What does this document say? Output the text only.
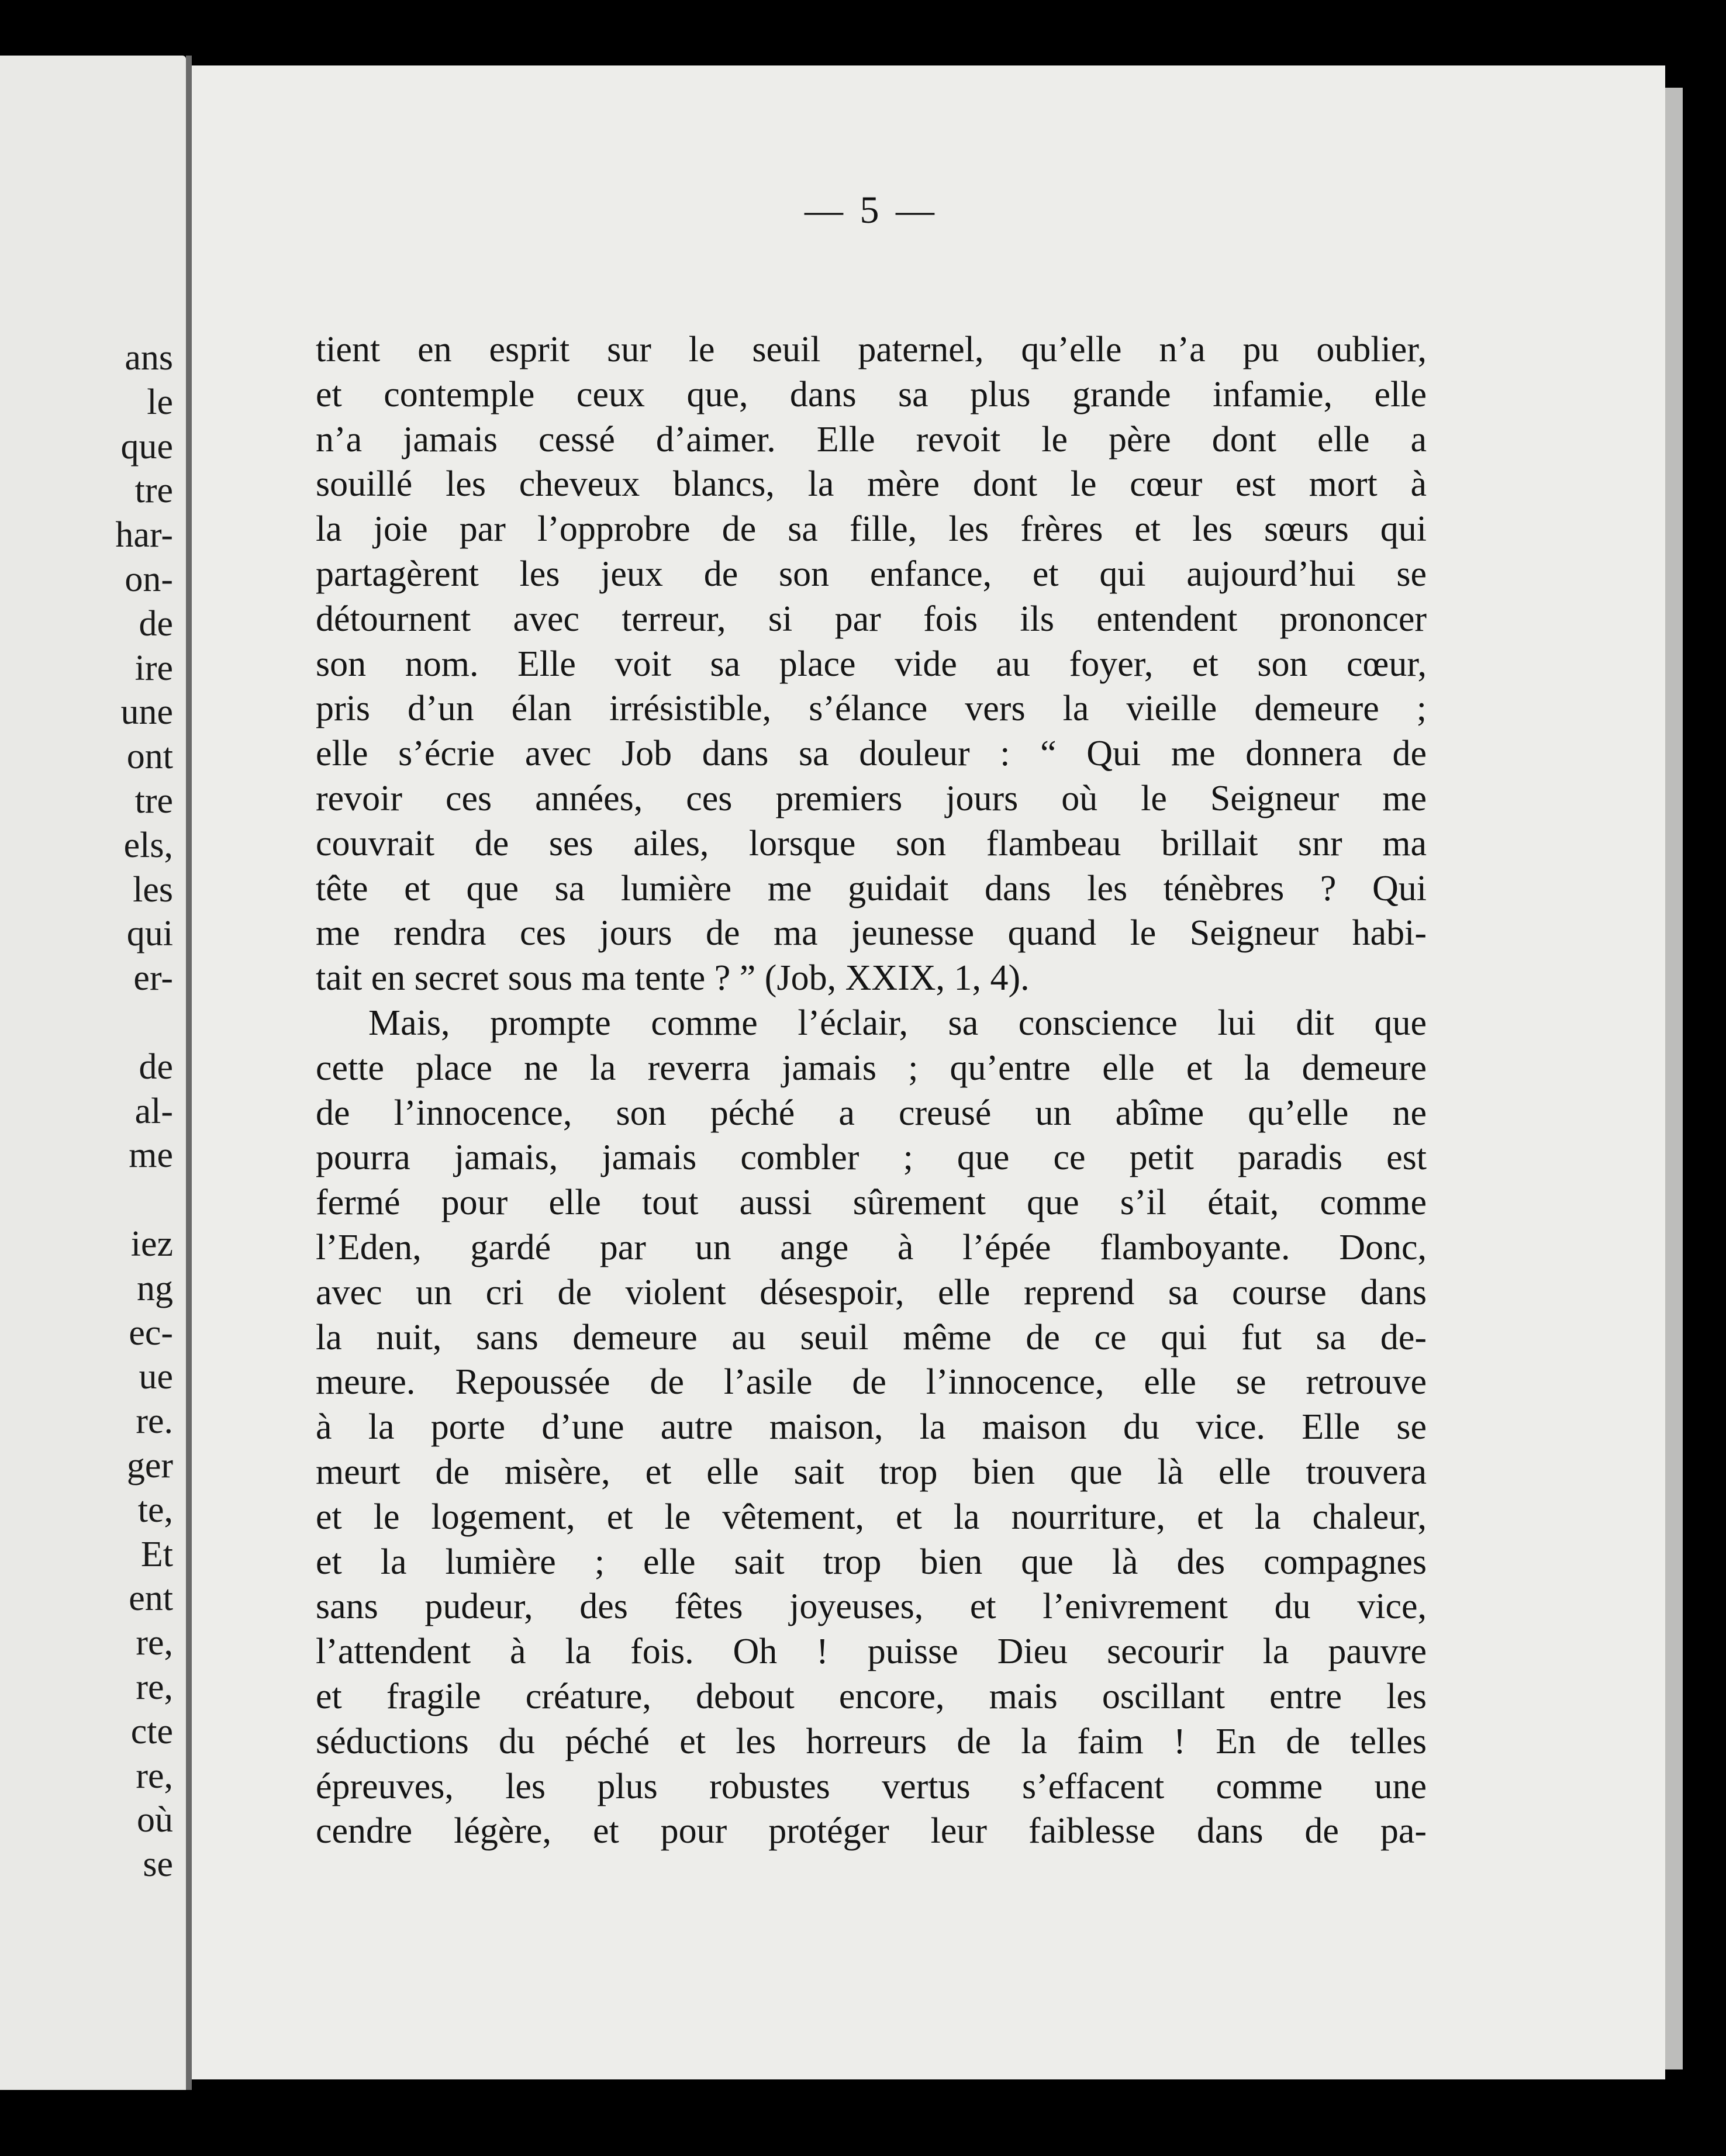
ans
le
que
tre
har-
on-
de
ire
une
ont
tre
els,
les
qui
er-
de
al-
me
iez
ng
ec-
ue
re.
ger
te,
Et
ent
re,
re,
cte
re,
où
se
— 5 —
tient en esprit sur le seuil paternel, qu’elle n’a pu oublier,
et contemple ceux que, dans sa plus grande infamie, elle
n’a jamais cessé d’aimer. Elle revoit le père dont elle a
souillé les cheveux blancs, la mère dont le cœur est mort à
la joie par l’opprobre de sa fille, les frères et les sœurs qui
partagèrent les jeux de son enfance, et qui aujourd’hui se
détournent avec terreur, si par fois ils entendent prononcer
son nom. Elle voit sa place vide au foyer, et son cœur,
pris d’un élan irrésistible, s’élance vers la vieille demeure ;
elle s’écrie avec Job dans sa douleur : “ Qui me donnera de
revoir ces années, ces premiers jours où le Seigneur me
couvrait de ses ailes, lorsque son flambeau brillait snr ma
tête et que sa lumière me guidait dans les ténèbres ? Qui
me rendra ces jours de ma jeunesse quand le Seigneur habi-
tait en secret sous ma tente ? ” (Job, XXIX, 1, 4).
Mais, prompte comme l’éclair, sa conscience lui dit que
cette place ne la reverra jamais ; qu’entre elle et la demeure
de l’innocence, son péché a creusé un abîme qu’elle ne
pourra jamais, jamais combler ; que ce petit paradis est
fermé pour elle tout aussi sûrement que s’il était, comme
l’Eden, gardé par un ange à l’épée flamboyante. Donc,
avec un cri de violent désespoir, elle reprend sa course dans
la nuit, sans demeure au seuil même de ce qui fut sa de-
meure. Repoussée de l’asile de l’innocence, elle se retrouve
à la porte d’une autre maison, la maison du vice. Elle se
meurt de misère, et elle sait trop bien que là elle trouvera
et le logement, et le vêtement, et la nourriture, et la chaleur,
et la lumière ; elle sait trop bien que là des compagnes
sans pudeur, des fêtes joyeuses, et l’enivrement du vice,
l’attendent à la fois. Oh ! puisse Dieu secourir la pauvre
et fragile créature, debout encore, mais oscillant entre les
séductions du péché et les horreurs de la faim ! En de telles
épreuves, les plus robustes vertus s’effacent comme une
cendre légère, et pour protéger leur faiblesse dans de pa-
